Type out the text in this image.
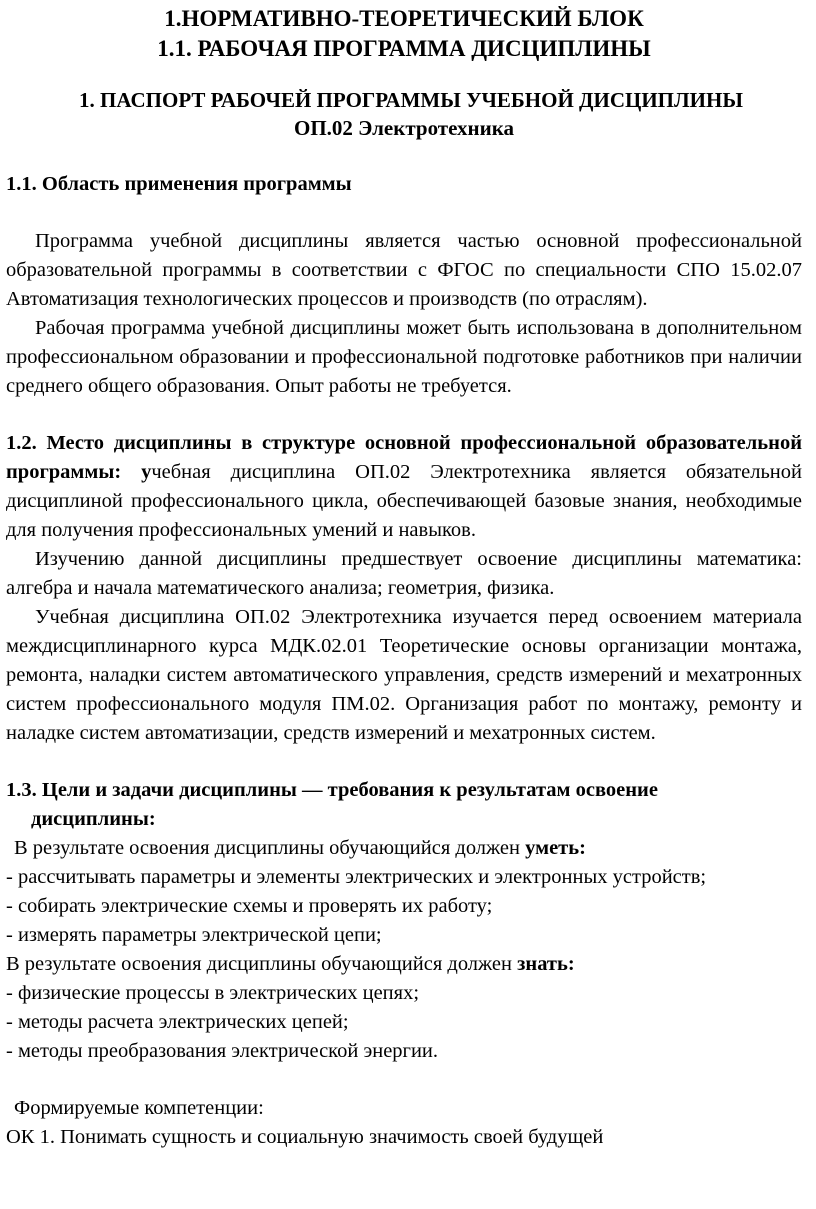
1.НОРМАТИВНО-ТЕОРЕТИЧЕСКИЙ БЛОК

1.1. РАБОЧАЯ ПРОГРАММА ДИСЦИПЛИНЫ

1. ПАСПОРТ РАБОЧЕЙ ПРОГРАММЫ УЧЕБНОЙ ДИСЦИПЛИНЫ

ОП.02 Электротехника

1.1. Область применения программы

Программа учебной дисциплины является частью основной профессиональной образовательной программы в соответствии с ФГОС по специальности СПО 15.02.07 Автоматизация технологических процессов и производств (по отраслям).

Рабочая программа учебной дисциплины может быть использована в дополнительном профессиональном образовании и профессиональной подготовке работников при наличии среднего общего образования. Опыт работы не требуется.

1.2. Место дисциплины в структуре основной профессиональной образовательной программы: учебная дисциплина ОП.02 Электротехника является обязательной дисциплиной профессионального цикла, обеспечивающей базовые знания, необходимые для получения профессиональных умений и навыков.

Изучению данной дисциплины предшествует освоение дисциплины математика: алгебра и начала математического анализа; геометрия, физика.

Учебная дисциплина ОП.02 Электротехника изучается перед освоением материала междисциплинарного курса МДК.02.01 Теоретические основы организации монтажа, ремонта, наладки систем автоматического управления, средств измерений и мехатронных систем профессионального модуля ПМ.02. Организация работ по монтажу, ремонту и наладке систем автоматизации, средств измерений и мехатронных систем.

1.3. Цели и задачи дисциплины — требования к результатам освоение

дисциплины:

В результате освоения дисциплины обучающийся должен уметь:

- рассчитывать параметры и элементы электрических и электронных устройств;

- собирать электрические схемы и проверять их работу;

- измерять параметры электрической цепи;

В результате освоения дисциплины обучающийся должен знать:

- физические процессы в электрических цепях;

- методы расчета электрических цепей;

- методы преобразования электрической энергии.

Формируемые компетенции:

ОК 1. Понимать сущность и социальную значимость своей будущей
